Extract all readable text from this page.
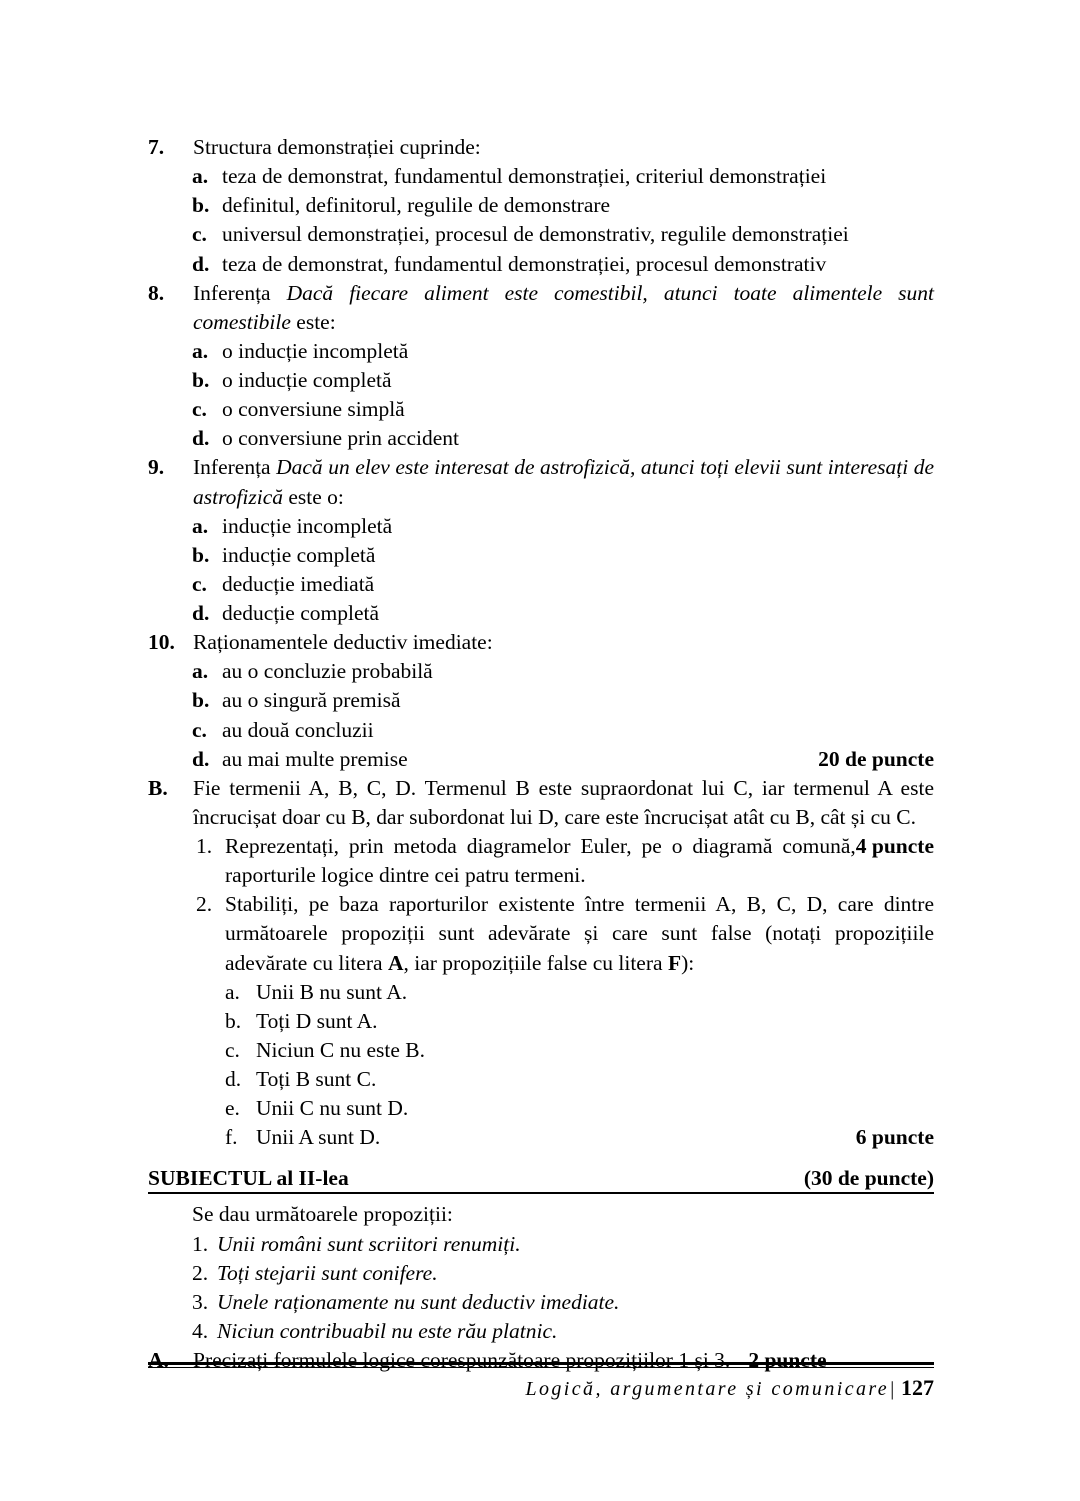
7.	Structura demonstrației cuprinde:
a. teza de demonstrat, fundamentul demonstrației, criteriul demonstrației
b. definitul, definitorul, regulile de demonstrare
c. universul demonstrației, procesul de demonstrativ, regulile demonstrației
d. teza de demonstrat, fundamentul demonstrației, procesul demonstrativ
8.	Inferența Dacă fiecare aliment este comestibil, atunci toate alimentele sunt comestibile este:
a. o inducție incompletă
b. o inducție completă
c. o conversiune simplă
d. o conversiune prin accident
9.	Inferența Dacă un elev este interesat de astrofizică, atunci toți elevii sunt interesați de astrofizică este o:
a. inducție incompletă
b. inducție completă
c. deducție imediată
d. deducție completă
10. Raționamentele deductiv imediate:
a. au o concluzie probabilă
b. au o singură premisă
c. au două concluzii
d. au mai multe premise	20 de puncte
B.	Fie termenii A, B, C, D. Termenul B este supraordonat lui C, iar termenul A este încrucișat doar cu B, dar subordonat lui D, care este încrucișat atât cu B, cât și cu C.
1.	4 puncte
Reprezentați, prin metoda diagramelor Euler, pe o diagramă comună, raporturile logice dintre cei patru termeni.
2. Stabiliți, pe baza raporturilor existente între termenii A, B, C, D, care dintre următoarele propoziții sunt adevărate și care sunt false (notați propozițiile adevărate cu litera A, iar propozițiile false cu litera F):
a. Unii B nu sunt A.
b. Toți D sunt A.
c. Niciun C nu este B.
d. Toți B sunt C.
e. Unii C nu sunt D.
f. Unii A sunt D.	6 puncte
SUBIECTUL al II-lea	(30 de puncte)
Se dau următoarele propoziții:
1. Unii români sunt scriitori renumiți.
2. Toți stejarii sunt conifere.
3. Unele raționamente nu sunt deductiv imediate.
4. Niciun contribuabil nu este rău platnic.
A.	Precizați formulele logice corespunzătoare propozițiilor 1 și 3. 2 puncte
Logică, argumentare și comunicare| 127
